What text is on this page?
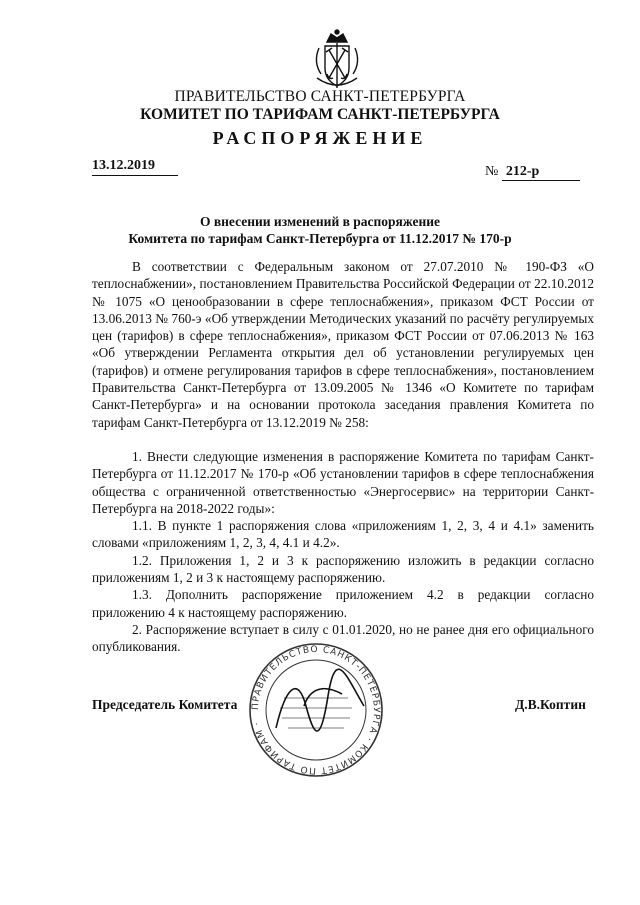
ПРАВИТЕЛЬСТВО САНКТ-ПЕТЕРБУРГА
КОМИТЕТ ПО ТАРИФАМ САНКТ-ПЕТЕРБУРГА
РАСПОРЯЖЕНИЕ
13.12.2019	№ 212-р
О внесении изменений в распоряжение
Комитета по тарифам Санкт-Петербурга от 11.12.2017 № 170-р

В соответствии с Федеральным законом от 27.07.2010 № 190-ФЗ «О теплоснабжении», постановлением Правительства Российской Федерации от 22.10.2012 № 1075 «О ценообразовании в сфере теплоснабжения», приказом ФСТ России от 13.06.2013 № 760-э «Об утверждении Методических указаний по расчёту регулируемых цен (тарифов) в сфере теплоснабжения», приказом ФСТ России от 07.06.2013 № 163 «Об утверждении Регламента открытия дел об установлении регулируемых цен (тарифов) и отмене регулирования тарифов в сфере теплоснабжения», постановлением Правительства Санкт-Петербурга от 13.09.2005 № 1346 «О Комитете по тарифам Санкт-Петербурга» и на основании протокола заседания правления Комитета по тарифам Санкт-Петербурга от 13.12.2019 № 258:

1. Внести следующие изменения в распоряжение Комитета по тарифам Санкт-Петербурга от 11.12.2017 № 170-р «Об установлении тарифов в сфере теплоснабжения общества с ограниченной ответственностью «Энергосервис» на территории Санкт-Петербурга на 2018-2022 годы»:

1.1. В пункте 1 распоряжения слова «приложениям 1, 2, 3, 4 и 4.1» заменить словами «приложениям 1, 2, 3, 4, 4.1 и 4.2».

1.2. Приложения 1, 2 и 3 к распоряжению изложить в редакции согласно приложениям 1, 2 и 3 к настоящему распоряжению.

1.3. Дополнить распоряжение приложением 4.2 в редакции согласно приложению 4 к настоящему распоряжению.

2. Распоряжение вступает в силу с 01.01.2020, но не ранее дня его официального опубликования.

Председатель Комитета	Д.В.Коптин
ПРАВИТЕЛЬСТВО САНКТ-ПЕТЕРБУРГА · КОМИТЕТ ПО ТАРИФАМ ·
